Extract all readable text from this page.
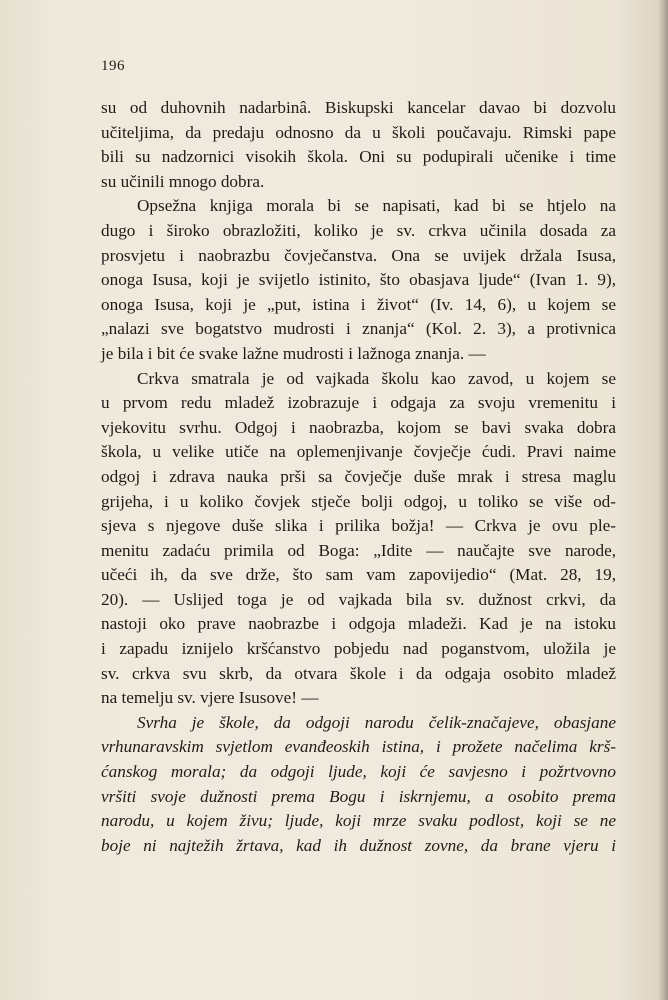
196
su od duhovnih nadarbinâ. Biskupski kancelar davao bi dozvolu
učiteljima, da predaju odnosno da u školi poučavaju. Rimski pape
bili su nadzornici visokih škola. Oni su podupirali učenike i time
su učinili mnogo dobra.
Opsežna knjiga morala bi se napisati, kad bi se htjelo na
dugo i široko obrazložiti, koliko je sv. crkva učinila dosada za
prosvjetu i naobrazbu čovječanstva. Ona se uvijek držala Isusa,
onoga Isusa, koji je svijetlo istinito, što obasjava ljude“ (Ivan 1. 9),
onoga Isusa, koji je „put, istina i život“ (Iv. 14, 6), u kojem se
„nalazi sve bogatstvo mudrosti i znanja“ (Kol. 2. 3), a protivnica
je bila i bit će svake lažne mudrosti i lažnoga znanja. —
Crkva smatrala je od vajkada školu kao zavod, u kojem se
u prvom redu mladež izobrazuje i odgaja za svoju vremenitu i
vjekovitu svrhu. Odgoj i naobrazba, kojom se bavi svaka dobra
škola, u velike utiče na oplemenjivanje čovječje ćudi. Pravi naime
odgoj i zdrava nauka prši sa čovječje duše mrak i stresa maglu
grijeha, i u koliko čovjek stječe bolji odgoj, u toliko se više od-
sjeva s njegove duše slika i prilika božja! — Crkva je ovu ple-
menitu zadaću primila od Boga: „Idite — naučajte sve narode,
učeći ih, da sve drže, što sam vam zapovijedio“ (Mat. 28, 19,
20). — Uslijed toga je od vajkada bila sv. dužnost crkvi, da
nastoji oko prave naobrazbe i odgoja mladeži. Kad je na istoku
i zapadu iznijelo kršćanstvo pobjedu nad poganstvom, uložila je
sv. crkva svu skrb, da otvara škole i da odgaja osobito mladež
na temelju sv. vjere Isusove! —
Svrha je škole, da odgoji narodu čelik-značajeve, obasjane
vrhunaravskim svjetlom evanđeoskih istina, i prožete načelima krš-
ćanskog morala; da odgoji ljude, koji će savjesno i požrtvovno
vršiti svoje dužnosti prema Bogu i iskrnjemu, a osobito prema
narodu, u kojem živu; ljude, koji mrze svaku podlost, koji se ne
boje ni najtežih žrtava, kad ih dužnost zovne, da brane vjeru i
